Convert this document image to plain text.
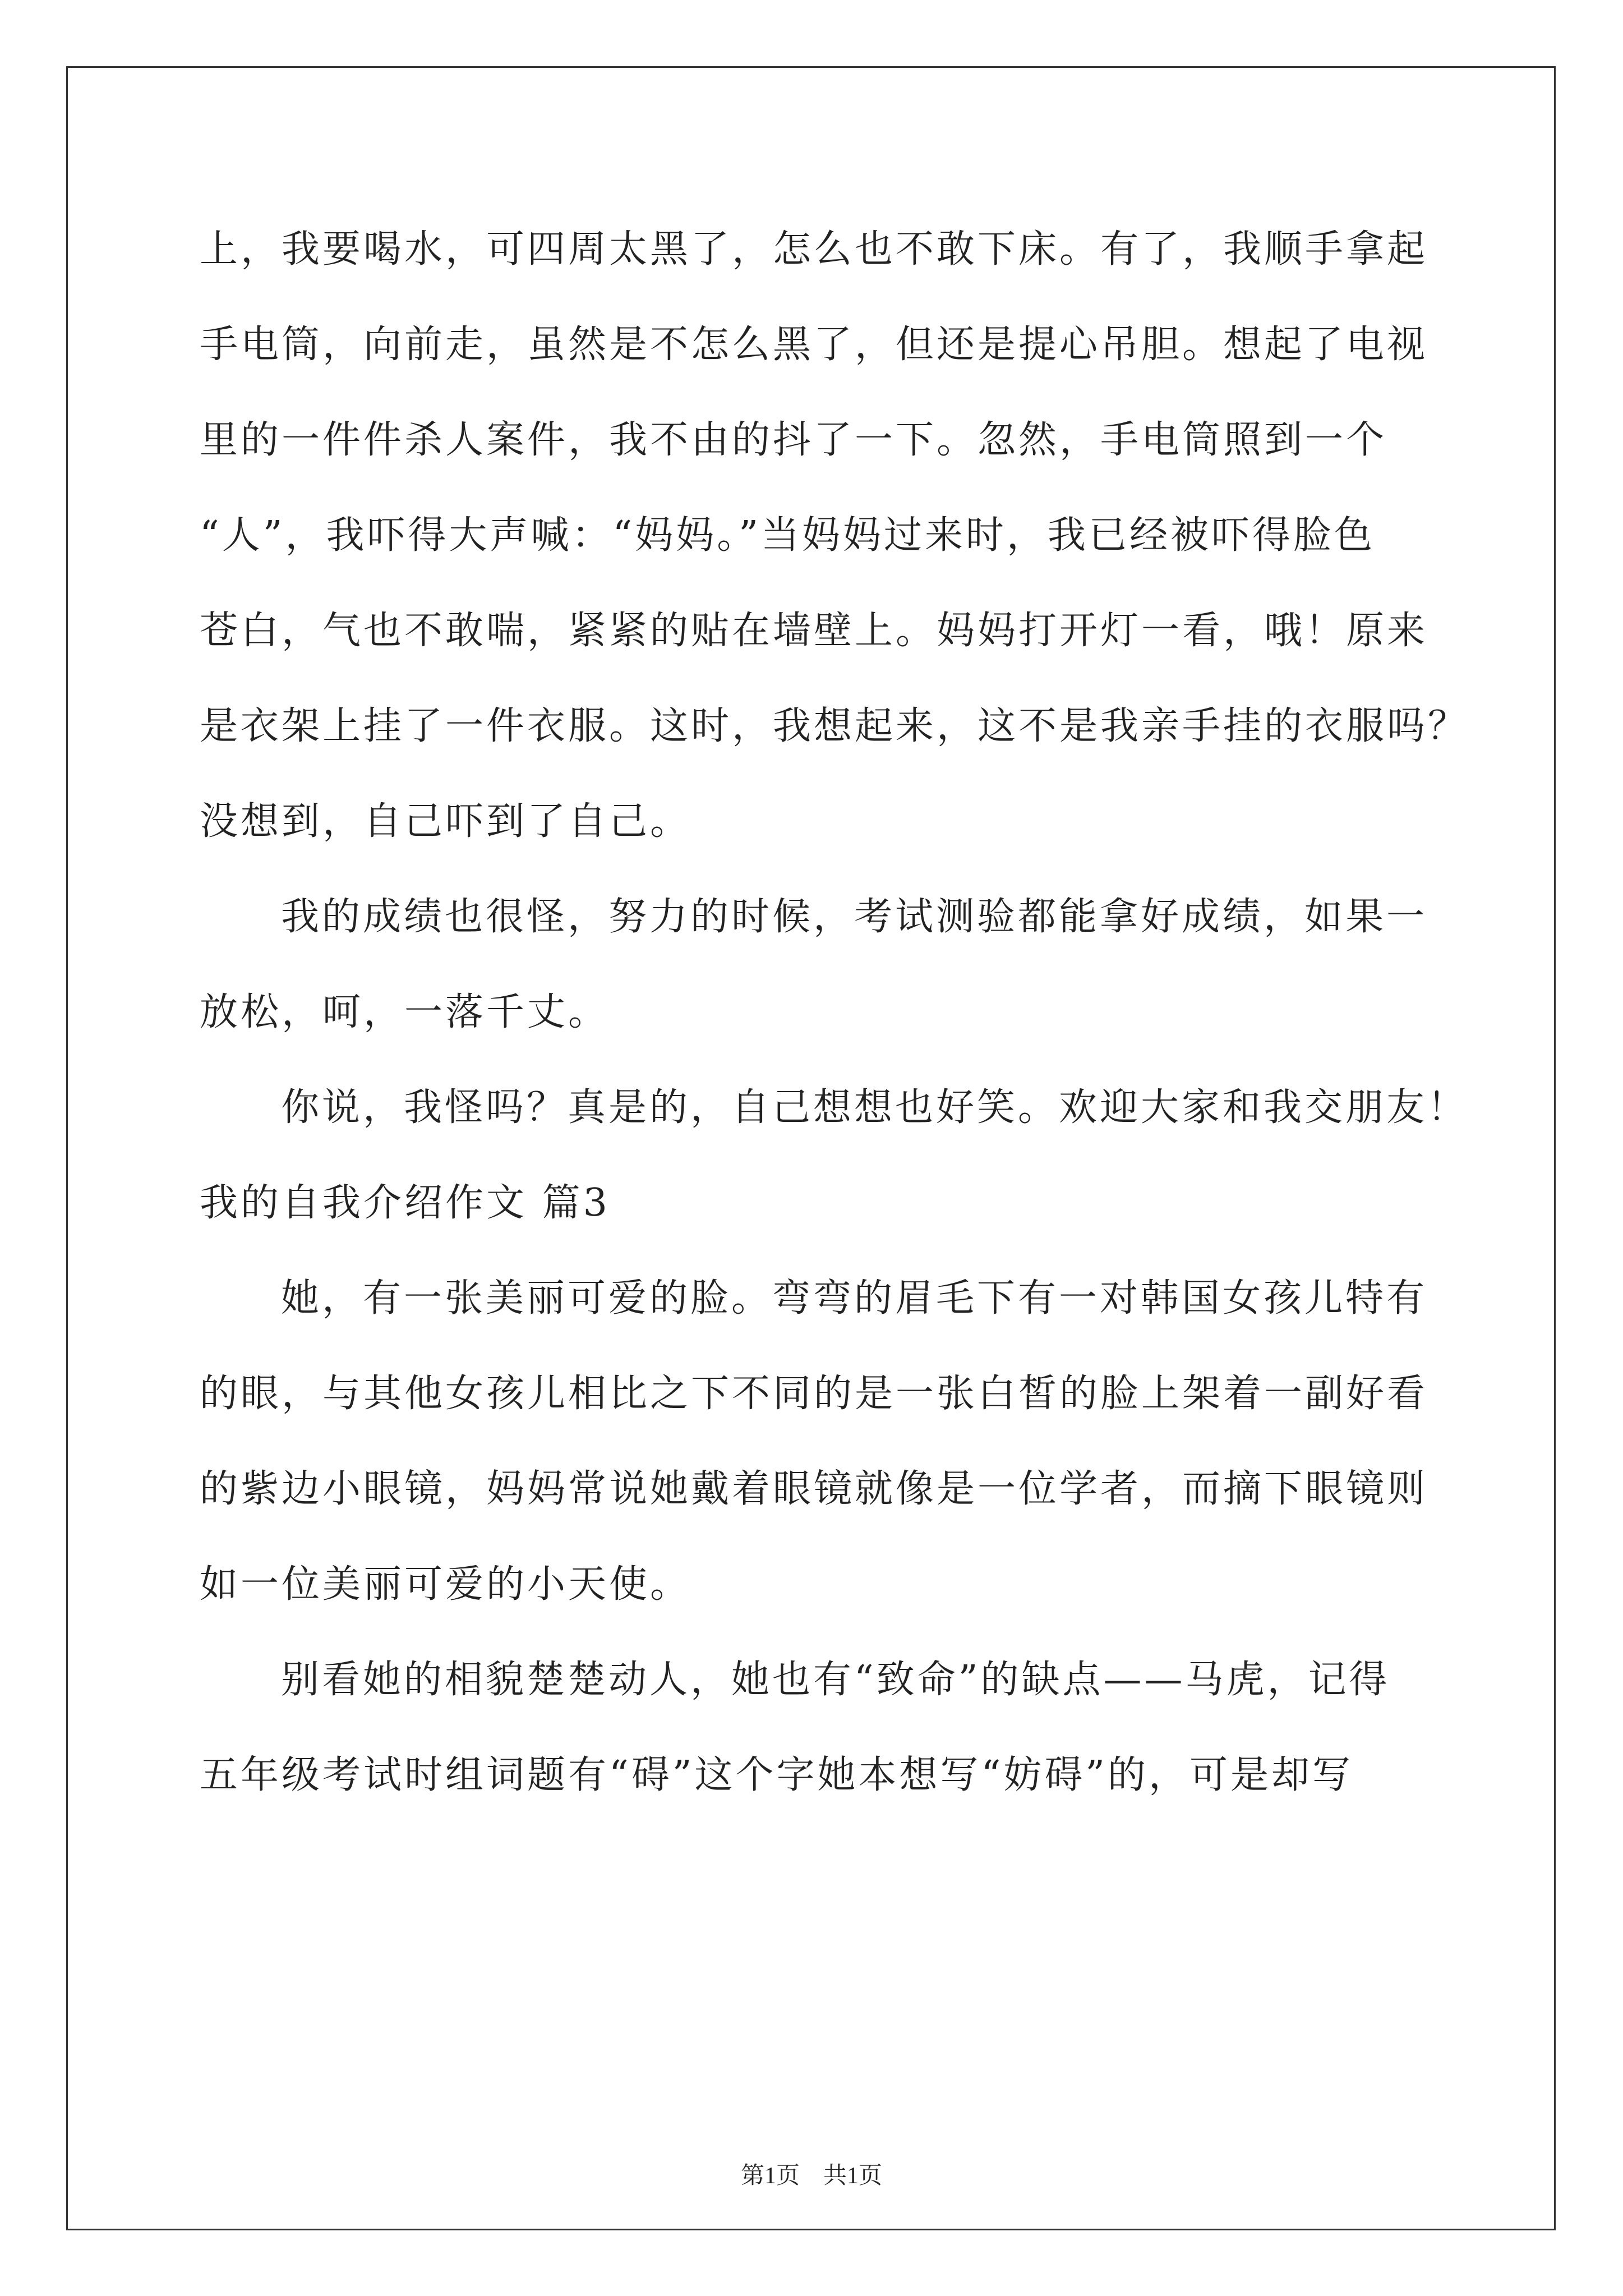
上，我要喝水，可四周太黑了，怎么也不敢下床。有了，我顺手拿起
手电筒，向前走，虽然是不怎么黑了，但还是提心吊胆。想起了电视
里的一件件杀人案件，我不由的抖了一下。忽然，手电筒照到一个
“人”，我吓得大声喊：“妈妈。”当妈妈过来时，我已经被吓得脸色
苍白，气也不敢喘，紧紧的贴在墙壁上。妈妈打开灯一看，哦！原来
是衣架上挂了一件衣服。这时，我想起来，这不是我亲手挂的衣服吗？
没想到，自己吓到了自己。
我的成绩也很怪，努力的时候，考试测验都能拿好成绩，如果一
放松，呵，一落千丈。
你说，我怪吗？真是的，自己想想也好笑。欢迎大家和我交朋友！
我的自我介绍作文 篇3
她，有一张美丽可爱的脸。弯弯的眉毛下有一对韩国女孩儿特有
的眼，与其他女孩儿相比之下不同的是一张白皙的脸上架着一副好看
的紫边小眼镜，妈妈常说她戴着眼镜就像是一位学者，而摘下眼镜则
如一位美丽可爱的小天使。
别看她的相貌楚楚动人，她也有“致命”的缺点——马虎，记得
五年级考试时组词题有“碍”这个字她本想写“妨碍”的，可是却写
第1页　共1页
